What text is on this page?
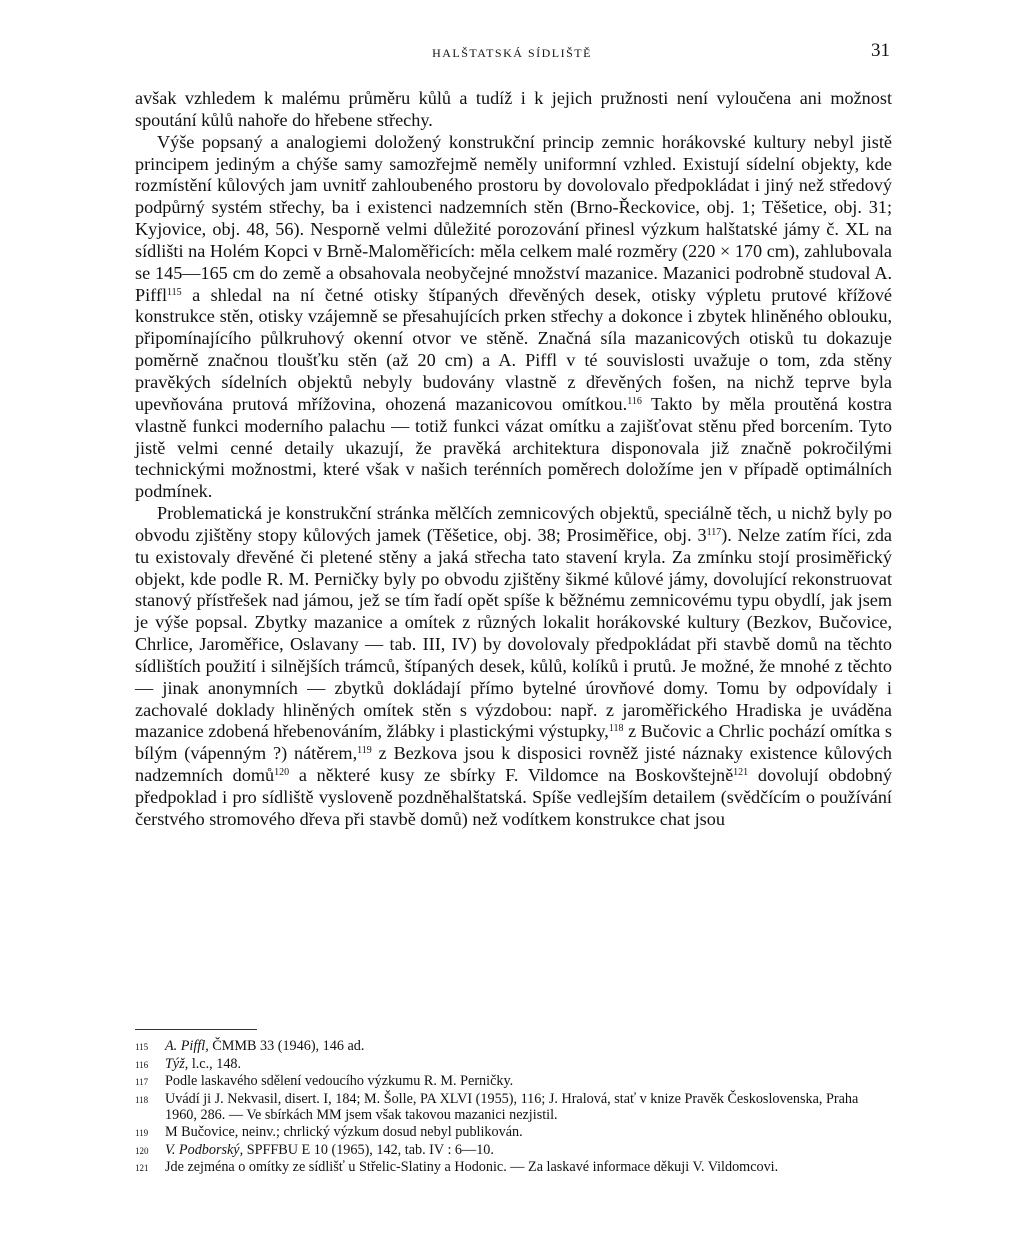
HALŠTATSKÁ SÍDLIŠTĚ	31

avšak vzhledem k malému průměru kůlů a tudíž i k jejich pružnosti není vyloučena ani možnost spoutání kůlů nahoře do hřebene střechy.

Výše popsaný a analogiemi doložený konstrukční princip zemnic horákovské kultury nebyl jistě principem jediným a chýše samy samozřejmě neměly uniformní vzhled. Existují sídelní objekty, kde rozmístění kůlových jam uvnitř zahloubeného prostoru by dovolovalo předpokládat i jiný než středový podpůrný systém střechy, ba i existenci nadzemních stěn (Brno-Řeckovice, obj. 1; Těšetice, obj. 31; Kyjovice, obj. 48, 56). Nesporně velmi důležité porozování přinesl výzkum halštatské jámy č. XL na sídlišti na Holém Kopci v Brně-Maloměřicích: měla celkem malé rozměry (220 × 170 cm), zahlubovala se 145—165 cm do země a obsahovala neobyčejné množství mazanice. Mazanici podrobně studoval A. Piffl$^{115}$ a shledal na ní četné otisky štípaných dřevěných desek, otisky výpletu prutové křížové konstrukce stěn, otisky vzájemně se přesahujících prken střechy a dokonce i zbytek hliněného oblouku, připomínajícího půlkruhový okenní otvor ve stěně. Značná síla mazanicových otisků tu dokazuje poměrně značnou tloušťku stěn (až 20 cm) a A. Piffl v té souvislosti uvažuje o tom, zda stěny pravěkých sídelních objektů nebyly budovány vlastně z dřevěných fošen, na nichž teprve byla upevňována prutová mřížovina, ohozená mazanicovou omítkou.$^{116}$ Takto by měla proutěná kostra vlastně funkci moderního palachu — totiž funkci vázat omítku a zajišťovat stěnu před borcením. Tyto jistě velmi cenné detaily ukazují, že pravěká architektura disponovala již značně pokročilými technickými možnostmi, které však v našich terénních poměrech doložíme jen v případě optimálních podmínek.

Problematická je konstrukční stránka mělčích zemnicových objektů, speciálně těch, u nichž byly po obvodu zjištěny stopy kůlových jamek (Těšetice, obj. 38; Prosiměřice, obj. $3^{117}$). Nelze zatím říci, zda tu existovaly dřevěné či pletené stěny a jaká střecha tato stavení kryla. Za zmínku stojí prosiměřický objekt, kde podle R. M. Perničky byly po obvodu zjištěny šikmé kůlové jámy, dovolující rekonstruovat stanový přístřešek nad jámou, jež se tím řadí opět spíše k běžnému zemnicovému typu obydlí, jak jsem je výše popsal. Zbytky mazanice a omítek z různých lokalit horákovské kultury (Bezkov, Bučovice, Chrlice, Jaroměřice, Oslavany — tab. III, IV) by dovolovaly předpokládat při stavbě domů na těchto sídlištích použití i silnějších trámců, štípaných desek, kůlů, kolíků i prutů. Je možné, že mnohé z těchto — jinak anonymních — zbytků dokládají přímo bytelné úrovňové domy. Tomu by odpovídaly i zachovalé doklady hliněných omítek stěn s výzdobou: např. z jaroměřického Hradiska je uváděna mazanice zdobená hřebenováním, žlábky i plastickými výstupky,$^{118}$ z Bučovic a Chrlic pochází omítka s bílým (vápenným ?) nátěrem,$^{119}$ z Bezkova jsou k disposici rovněž jisté náznaky existence kůlových nadzemních domů$^{120}$ a některé kusy ze sbírky F. Vildomce na Boskovštejně$^{121}$ dovolují obdobný předpoklad i pro sídliště vysloveně pozdněhalštatská. Spíše vedlejším detailem (svědčícím o používání čerstvého stromového dřeva při stavbě domů) než vodítkem konstrukce chat jsou

115	A. Piffl, ČMMB 33 (1946), 146 ad.
116	Týž, l.c., 148.
117	Podle laskavého sdělení vedoucího výzkumu R. M. Perničky.
118	Uvádí ji J. Nekvasil, disert. I, 184; M. Šolle, PA XLVI (1955), 116; J. Hralová, stať v knize Pravěk Československa, Praha 1960, 286. — Ve sbírkách MM jsem však takovou mazanici nezjistil.
119	M Bučovice, neinv.; chrlický výzkum dosud nebyl publikován.
120	V. Podborský, SPFFBU E 10 (1965), 142, tab. IV : 6—10.
121	Jde zejména o omítky ze sídlišť u Střelic-Slatiny a Hodonic. — Za laskavé informace děkuji V. Vildomcovi.
